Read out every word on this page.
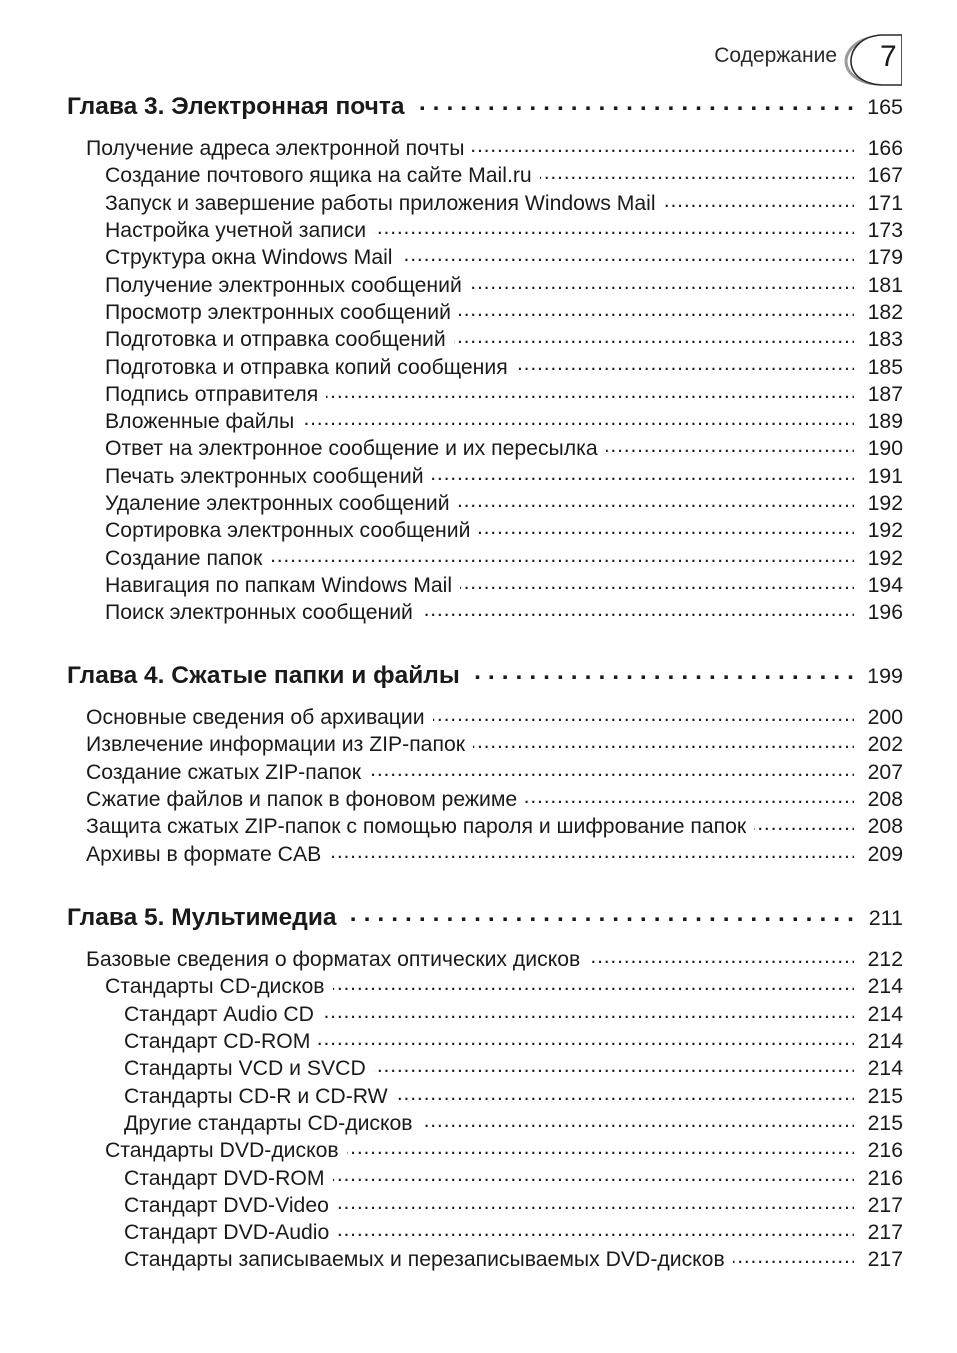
Содержание 7
Глава 3. Электронная почта . . .	165
Получение адреса электронной почты . . .	166
Создание почтового ящика на сайте Mail.ru . . .	167
Запуск и завершение работы приложения Windows Mail . . .	171
Настройка учетной записи . . .	173
Структура окна Windows Mail . . .	179
Получение электронных сообщений . . .	181
Просмотр электронных сообщений . . .	182
Подготовка и отправка сообщений . . .	183
Подготовка и отправка копий сообщения . . .	185
Подпись отправителя . . .	187
Вложенные файлы . . .	189
Ответ на электронное сообщение и их пересылка . . .	190
Печать электронных сообщений . . .	191
Удаление электронных сообщений . . .	192
Сортировка электронных сообщений . . .	192
Создание папок . . .	192
Навигация по папкам Windows Mail . . .	194
Поиск электронных сообщений . . .	196
Глава 4. Сжатые папки и файлы . . .	199
Основные сведения об архивации . . .	200
Извлечение информации из ZIP-папок . . .	202
Создание сжатых ZIP-папок . . .	207
Сжатие файлов и папок в фоновом режиме . . .	208
Защита сжатых ZIP-папок с помощью пароля и шифрование папок . . .	208
Архивы в формате CAB . . .	209
Глава 5. Мультимедиа . . .	211
Базовые сведения о форматах оптических дисков . . .	212
Стандарты CD-дисков . . .	214
Стандарт Audio CD . . .	214
Стандарт CD-ROM . . .	214
Стандарты VCD и SVCD . . .	214
Стандарты CD-R и CD-RW . . .	215
Другие стандарты CD-дисков . . .	215
Стандарты DVD-дисков . . .	216
Стандарт DVD-ROM . . .	216
Стандарт DVD-Video . . .	217
Стандарт DVD-Audio . . .	217
Стандарты записываемых и перезаписываемых DVD-дисков . . .	217
